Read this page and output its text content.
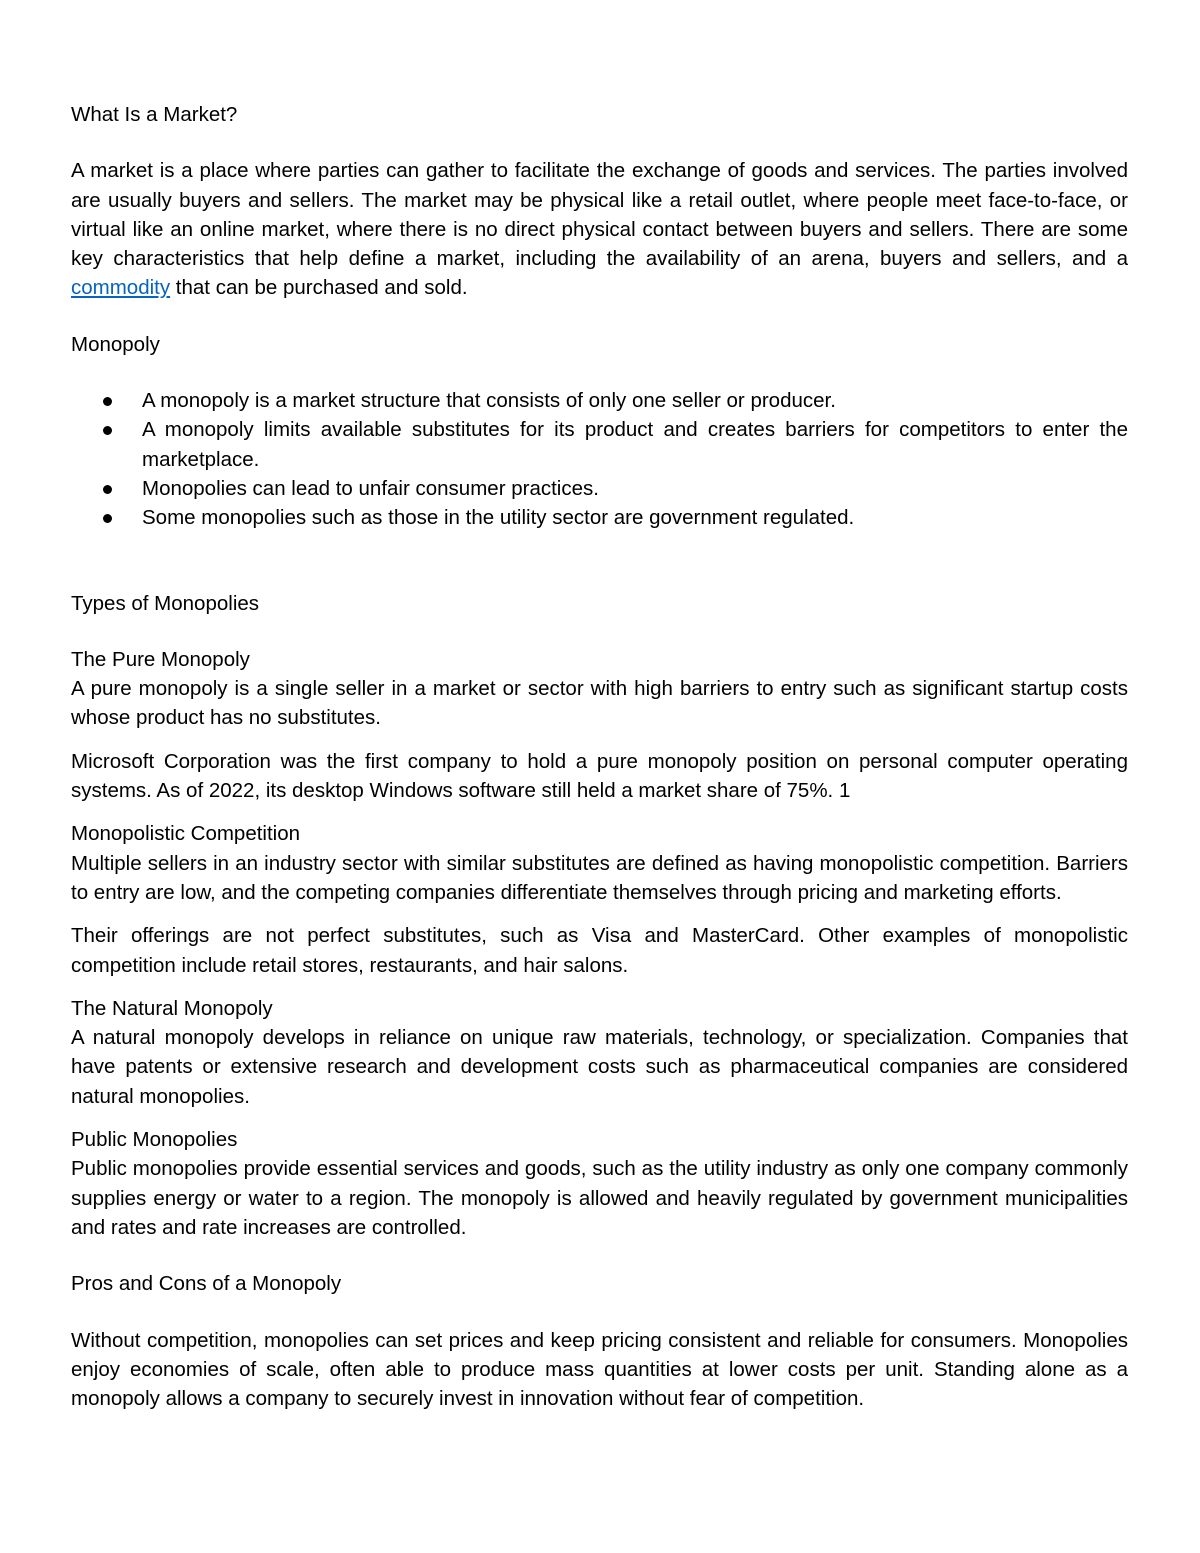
What Is a Market?

A market is a place where parties can gather to facilitate the exchange of goods and services. The parties involved are usually buyers and sellers. The market may be physical like a retail outlet, where people meet face-to-face, or virtual like an online market, where there is no direct physical contact between buyers and sellers. There are some key characteristics that help define a market, including the availability of an arena, buyers and sellers, and a commodity that can be purchased and sold.

Monopoly

A monopoly is a market structure that consists of only one seller or producer.
A monopoly limits available substitutes for its product and creates barriers for competitors to enter the marketplace.
Monopolies can lead to unfair consumer practices.
Some monopolies such as those in the utility sector are government regulated.

Types of Monopolies

The Pure Monopoly

A pure monopoly is a single seller in a market or sector with high barriers to entry such as significant startup costs whose product has no substitutes.

Microsoft Corporation was the first company to hold a pure monopoly position on personal computer operating systems. As of 2022, its desktop Windows software still held a market share of 75%. 1

Monopolistic Competition

Multiple sellers in an industry sector with similar substitutes are defined as having monopolistic competition. Barriers to entry are low, and the competing companies differentiate themselves through pricing and marketing efforts.

Their offerings are not perfect substitutes, such as Visa and MasterCard. Other examples of monopolistic competition include retail stores, restaurants, and hair salons.

The Natural Monopoly

A natural monopoly develops in reliance on unique raw materials, technology, or specialization. Companies that have patents or extensive research and development costs such as pharmaceutical companies are considered natural monopolies.

Public Monopolies

Public monopolies provide essential services and goods, such as the utility industry as only one company commonly supplies energy or water to a region. The monopoly is allowed and heavily regulated by government municipalities and rates and rate increases are controlled.

Pros and Cons of a Monopoly

Without competition, monopolies can set prices and keep pricing consistent and reliable for consumers. Monopolies enjoy economies of scale, often able to produce mass quantities at lower costs per unit. Standing alone as a monopoly allows a company to securely invest in innovation without fear of competition.
